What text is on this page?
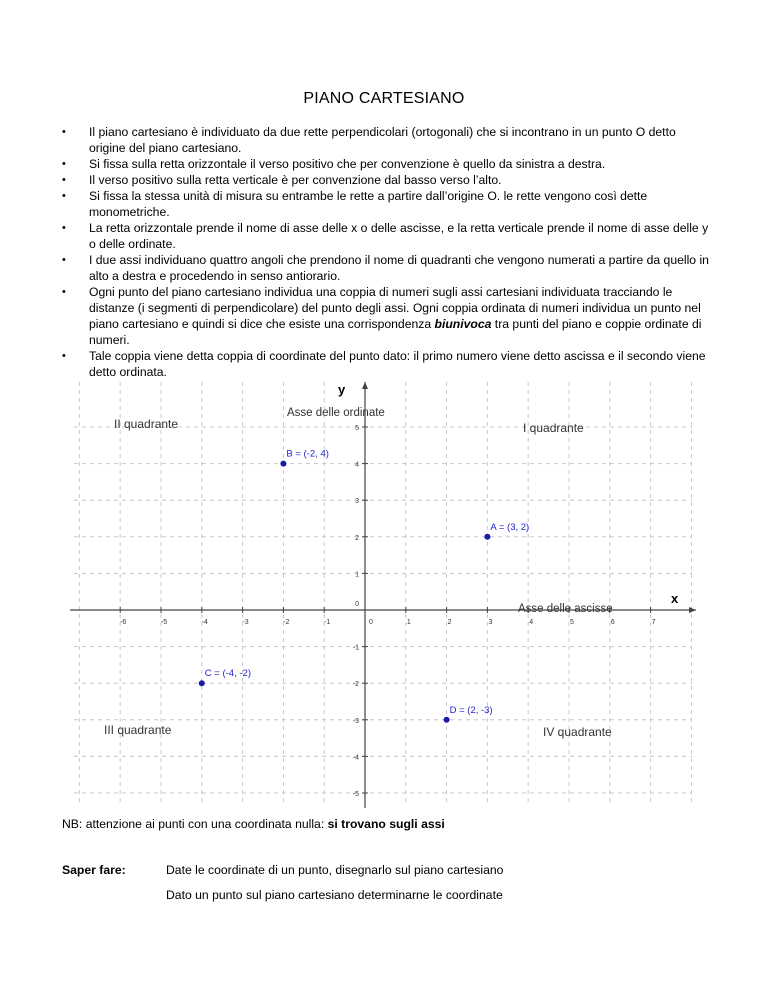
PIANO CARTESIANO
• Il piano cartesiano è individuato da due rette perpendicolari (ortogonali) che si incontrano in un punto O detto origine del piano cartesiano.
• Si fissa sulla retta orizzontale il verso positivo che per convenzione è quello da sinistra a destra.
• Il verso positivo sulla retta verticale è per convenzione dal basso verso l’alto.
• Si fissa la stessa unità di misura su entrambe le rette a partire dall’origine O. le rette vengono così dette monometriche.
• La retta orizzontale prende il nome di asse delle x o delle ascisse, e la retta verticale prende il nome di asse delle y o delle ordinate.
• I due assi individuano quattro angoli che prendono il nome di quadranti che vengono numerati a partire da quello in alto a destra e procedendo in senso antiorario.
• Ogni punto del piano cartesiano individua una coppia di numeri sugli assi cartesiani individuata tracciando le distanze (i segmenti di perpendicolare) del punto degli assi. Ogni coppia ordinata di numeri individua un punto nel piano cartesiano e quindi si dice che esiste una corrispondenza biunivoca tra punti del piano e coppie ordinate di numeri.
• Tale coppia viene detta coppia di coordinate del punto dato: il primo numero viene detto ascissa e il secondo viene detto ordinata.
-6	-5	-4	-3	-2	-1	0	1	2	3	4	5	6	7
5
4
3
2
1
0
-1
-2
-3
-4
-5
y
x
Asse delle ordinate
Asse delle ascisse
II quadrante	I quadrante
III quadrante	IV quadrante
A = (3, 2)
B = (-2, 4)
C = (-4, -2)
D = (2, -3)
NB: attenzione ai punti con una coordinata nulla: si trovano sugli assi
Saper fare:	Date le coordinate di un punto, disegnarlo sul piano cartesiano
Dato un punto sul piano cartesiano determinarne le coordinate
